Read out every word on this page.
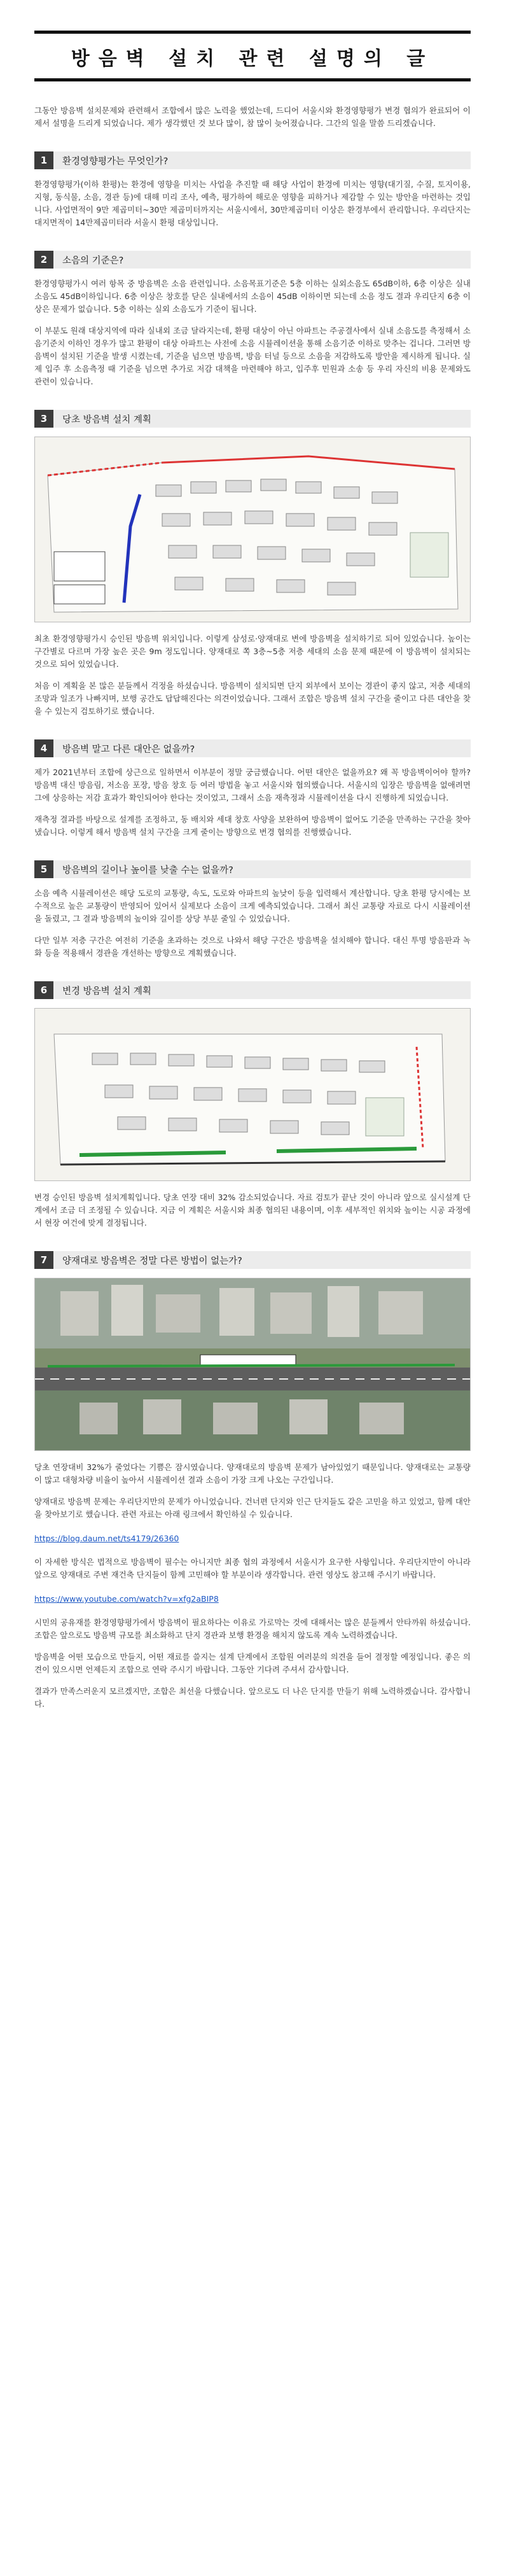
방음벽 설치 관련 설명의 글

그동안 방음벽 설치문제와 관련해서 조합에서 많은 노력을 했었는데, 드디어 서울시와 환경영향평가 변경 협의가 완료되어 이제서 설명을 드리게 되었습니다. 제가 생각했던 것 보다 많이, 참 많이 늦어졌습니다. 그간의 일을 말씀 드리겠습니다.

1	환경영향평가는 무엇인가?

환경영향평가(이하 환평)는 환경에 영향을 미치는 사업을 추진할 때 해당 사업이 환경에 미치는 영향(대기질, 수질, 토지이용, 지형, 동식물, 소음, 경관 등)에 대해 미리 조사, 예측, 평가하여 해로운 영향을 피하거나 제감할 수 있는 방안을 마련하는 것입니다. 사업면적이 9만 제곱미터~30만 제곱미터까지는 서울시에서, 30만제곱미터 이상은 환경부에서 관리합니다. 우리단지는 대지면적이 14만제곱미터라 서울시 환평 대상입니다.

2	소음의 기준은?

환경영향평가시 여러 항목 중 방음벽은 소음 관련입니다. 소음목표기준은 5층 이하는 실외소음도 65dB이하, 6층 이상은 실내소음도 45dB이하입니다. 6층 이상은 창호를 닫은 실내에서의 소음이 45dB 이하이면 되는데 소음 정도 결과 우리단지 6층 이상은 문제가 없습니다. 5층 이하는 실외 소음도가 기준이 됩니다.

이 부분도 원래 대상지역에 따라 실내외 조금 달라지는데, 환평 대상이 아닌 아파트는 주공결사에서 실내 소음도를 측정해서 소음기준치 이하인 경우가 많고 환평이 대상 아파트는 사전에 소음 시뮬레이션을 통해 소음기준 이하로 맞추는 겁니다. 그러면 방음벽이 설치된 기준을 발생 시켰는데, 기준을 넘으면 방음벽, 방음 터널 등으로 소음을 저감하도록 방안을 제시하게 됩니다. 실제 입주 후 소음측정 때 기준을 넘으면 추가로 저감 대책을 마련해야 하고, 입주후 민원과 소송 등 우리 자신의 비용 문제와도 관련이 있습니다.

3	당초 방음벽 설치 계획

최초 환경영향평가시 승인된 방음벽 위치입니다. 이렇게 삼성로·양재대로 변에 방음벽을 설치하기로 되어 있었습니다. 높이는 구간별로 다르며 가장 높은 곳은 9m 정도입니다. 양재대로 쪽 3층~5층 저층 세대의 소음 문제 때문에 이 방음벽이 설치되는 것으로 되어 있었습니다.

처음 이 계획을 본 많은 분들께서 걱정을 하셨습니다. 방음벽이 설치되면 단지 외부에서 보이는 경관이 좋지 않고, 저층 세대의 조망과 일조가 나빠지며, 보행 공간도 답답해진다는 의견이었습니다. 그래서 조합은 방음벽 설치 구간을 줄이고 다른 대안을 찾을 수 있는지 검토하기로 했습니다.

4	방음벽 말고 다른 대안은 없을까?

제가 2021년부터 조합에 상근으로 일하면서 이부분이 정말 궁금했습니다. 어떤 대안은 없을까요? 왜 꼭 방음벽이어야 할까? 방음벽 대신 방음림, 저소음 포장, 방음 창호 등 여러 방법을 놓고 서울시와 협의했습니다. 서울시의 입장은 방음벽을 없애려면 그에 상응하는 저감 효과가 확인되어야 한다는 것이었고, 그래서 소음 재측정과 시뮬레이션을 다시 진행하게 되었습니다.

재측정 결과를 바탕으로 설계를 조정하고, 동 배치와 세대 창호 사양을 보완하여 방음벽이 없어도 기준을 만족하는 구간을 찾아냈습니다. 이렇게 해서 방음벽 설치 구간을 크게 줄이는 방향으로 변경 협의를 진행했습니다.

5	방음벽의 길이나 높이를 낮출 수는 없을까?

소음 예측 시뮬레이션은 해당 도로의 교통량, 속도, 도로와 아파트의 높낮이 등을 입력해서 계산합니다. 당초 환평 당시에는 보수적으로 높은 교통량이 반영되어 있어서 실제보다 소음이 크게 예측되었습니다. 그래서 최신 교통량 자료로 다시 시뮬레이션을 돌렸고, 그 결과 방음벽의 높이와 길이를 상당 부분 줄일 수 있었습니다.

다만 일부 저층 구간은 여전히 기준을 초과하는 것으로 나와서 해당 구간은 방음벽을 설치해야 합니다. 대신 투명 방음판과 녹화 등을 적용해서 경관을 개선하는 방향으로 계획했습니다.

6	변경 방음벽 설치 계획

변경 승인된 방음벽 설치계획입니다. 당초 연장 대비 32% 감소되었습니다. 자료 검토가 끝난 것이 아니라 앞으로 실시설계 단계에서 조금 더 조정될 수 있습니다. 지금 이 계획은 서울시와 최종 협의된 내용이며, 이후 세부적인 위치와 높이는 시공 과정에서 현장 여건에 맞게 결정됩니다.

7	양재대로 방음벽은 정말 다른 방법이 없는가?

당초 연장대비 32%가 줄었다는 기쁨은 잠시였습니다. 양재대로의 방음벽 문제가 남아있었기 때문입니다. 양재대로는 교통량이 많고 대형차량 비율이 높아서 시뮬레이션 결과 소음이 가장 크게 나오는 구간입니다.

양재대로 방음벽 문제는 우리단지만의 문제가 아니었습니다. 건너편 단지와 인근 단지들도 같은 고민을 하고 있었고, 함께 대안을 찾아보기로 했습니다. 관련 자료는 아래 링크에서 확인하실 수 있습니다.

https://blog.daum.net/ts4179/26360

이 자세한 방식은 법적으로 방음벽이 필수는 아니지만 최종 협의 과정에서 서울시가 요구한 사항입니다. 우리단지만이 아니라 앞으로 양재대로 주변 재건축 단지들이 함께 고민해야 할 부분이라 생각합니다. 관련 영상도 참고해 주시기 바랍니다.

https://www.youtube.com/watch?v=xfg2aBIP8

시민의 공유재를 환경영향평가에서 방음벽이 필요하다는 이유로 가로막는 것에 대해서는 많은 분들께서 안타까워 하셨습니다. 조합은 앞으로도 방음벽 규모를 최소화하고 단지 경관과 보행 환경을 해치지 않도록 계속 노력하겠습니다.

방음벽을 어떤 모습으로 만들지, 어떤 재료를 쓸지는 설계 단계에서 조합원 여러분의 의견을 들어 결정할 예정입니다. 좋은 의견이 있으시면 언제든지 조합으로 연락 주시기 바랍니다. 그동안 기다려 주셔서 감사합니다.

결과가 만족스러운지 모르겠지만, 조합은 최선을 다했습니다. 앞으로도 더 나은 단지를 만들기 위해 노력하겠습니다. 감사합니다.
